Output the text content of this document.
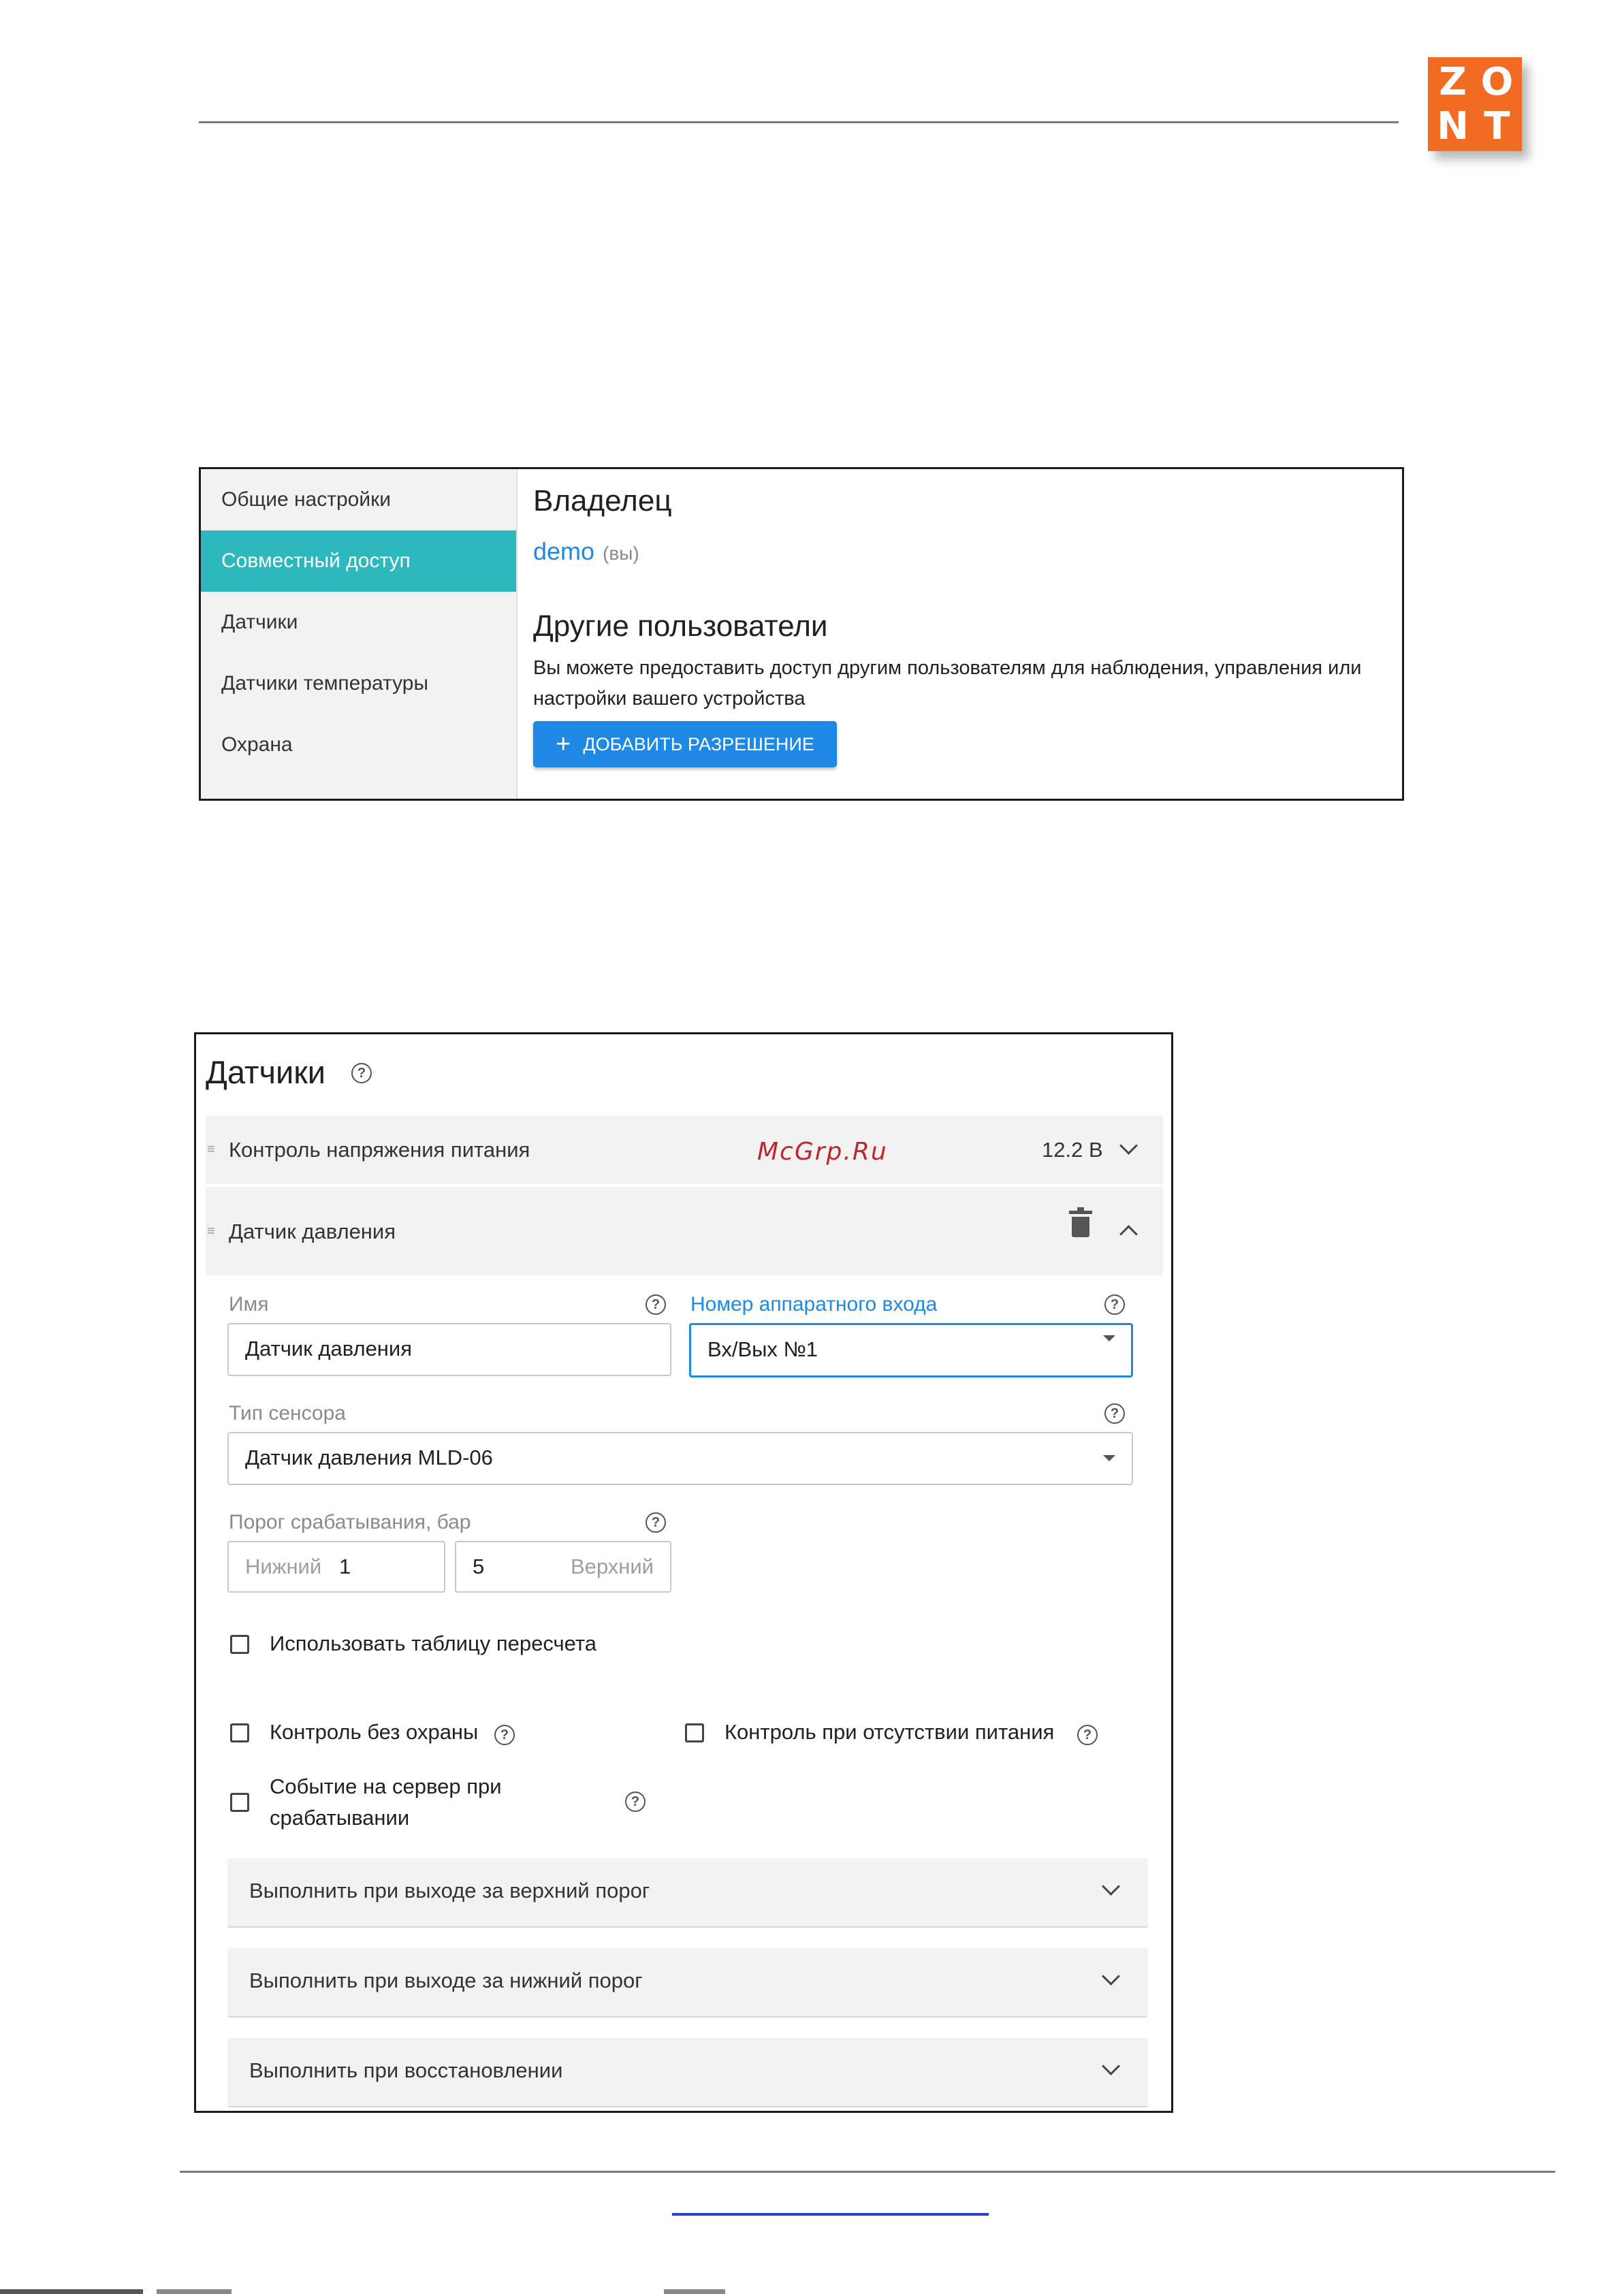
Z O
N T
Общие настройки
Совместный доступ
Датчики
Датчики температуры
Охрана
Владелец
demo (вы)
Другие пользователи
Вы можете предоставить доступ другим пользователям для наблюдения, управления или настройки вашего устройства
+ ДОБАВИТЬ РАЗРЕШЕНИЕ
Датчики	?
≡ Контроль напряжения питания	McGrp.Ru	12.2 В
≡ Датчик давления
Имя	?
Датчик давления
Номер аппаратного входа	?
Вх/Вых №1
Тип сенсора	?
Датчик давления MLD-06
Порог срабатывания, бар	?
Нижний 1	5	Верхний
Использовать таблицу пересчета
Контроль без охраны	?	Контроль при отсутствии питания	?
Событие на сервер при
срабатывании
?
Выполнить при выходе за верхний порог
Выполнить при выходе за нижний порог
Выполнить при восстановлении
